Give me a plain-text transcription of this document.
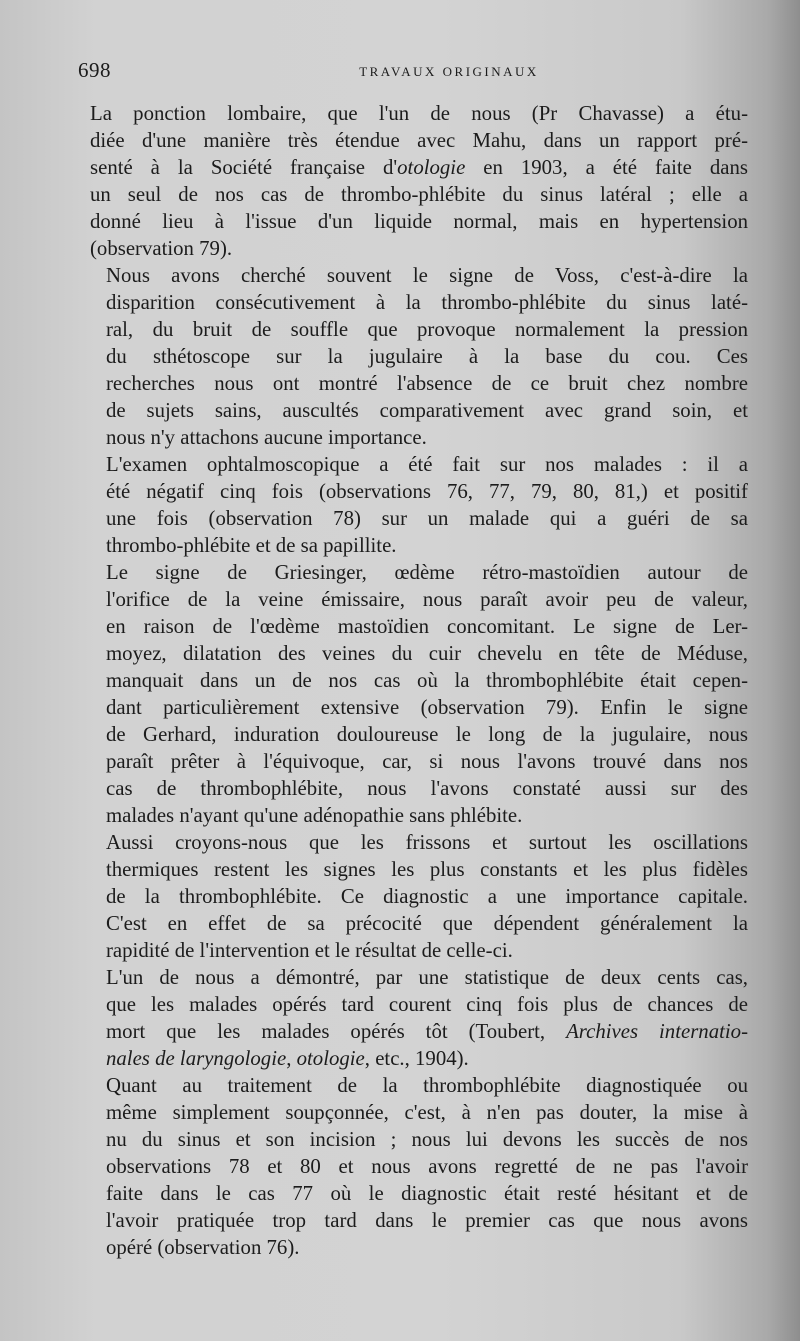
698	TRAVAUX ORIGINAUX

La ponction lombaire, que l'un de nous (Pr Chavasse) a étu-
diée d'une manière très étendue avec Mahu, dans un rapport pré-
senté à la Société française d'otologie en 1903, a été faite dans
un seul de nos cas de thrombo-phlébite du sinus latéral ; elle a
donné lieu à l'issue d'un liquide normal, mais en hypertension
(observation 79).

Nous avons cherché souvent le signe de Voss, c'est-à-dire la
disparition consécutivement à la thrombo-phlébite du sinus laté-
ral, du bruit de souffle que provoque normalement la pression
du sthétoscope sur la jugulaire à la base du cou. Ces
recherches nous ont montré l'absence de ce bruit chez nombre
de sujets sains, auscultés comparativement avec grand soin, et
nous n'y attachons aucune importance.

L'examen ophtalmoscopique a été fait sur nos malades : il a
été négatif cinq fois (observations 76, 77, 79, 80, 81,) et positif
une fois (observation 78) sur un malade qui a guéri de sa
thrombo-phlébite et de sa papillite.

Le signe de Griesinger, œdème rétro-mastoïdien autour de
l'orifice de la veine émissaire, nous paraît avoir peu de valeur,
en raison de l'œdème mastoïdien concomitant. Le signe de Ler-
moyez, dilatation des veines du cuir chevelu en tête de Méduse,
manquait dans un de nos cas où la thrombophlébite était cepen-
dant particulièrement extensive (observation 79). Enfin le signe
de Gerhard, induration douloureuse le long de la jugulaire, nous
paraît prêter à l'équivoque, car, si nous l'avons trouvé dans nos
cas de thrombophlébite, nous l'avons constaté aussi sur des
malades n'ayant qu'une adénopathie sans phlébite.

Aussi croyons-nous que les frissons et surtout les oscillations
thermiques restent les signes les plus constants et les plus fidèles
de la thrombophlébite. Ce diagnostic a une importance capitale.
C'est en effet de sa précocité que dépendent généralement la
rapidité de l'intervention et le résultat de celle-ci.

L'un de nous a démontré, par une statistique de deux cents cas,
que les malades opérés tard courent cinq fois plus de chances de
mort que les malades opérés tôt (Toubert, Archives internatio-
nales de laryngologie, otologie, etc., 1904).

Quant au traitement de la thrombophlébite diagnostiquée ou
même simplement soupçonnée, c'est, à n'en pas douter, la mise à
nu du sinus et son incision ; nous lui devons les succès de nos
observations 78 et 80 et nous avons regretté de ne pas l'avoir
faite dans le cas 77 où le diagnostic était resté hésitant et de
l'avoir pratiquée trop tard dans le premier cas que nous avons
opéré (observation 76).
